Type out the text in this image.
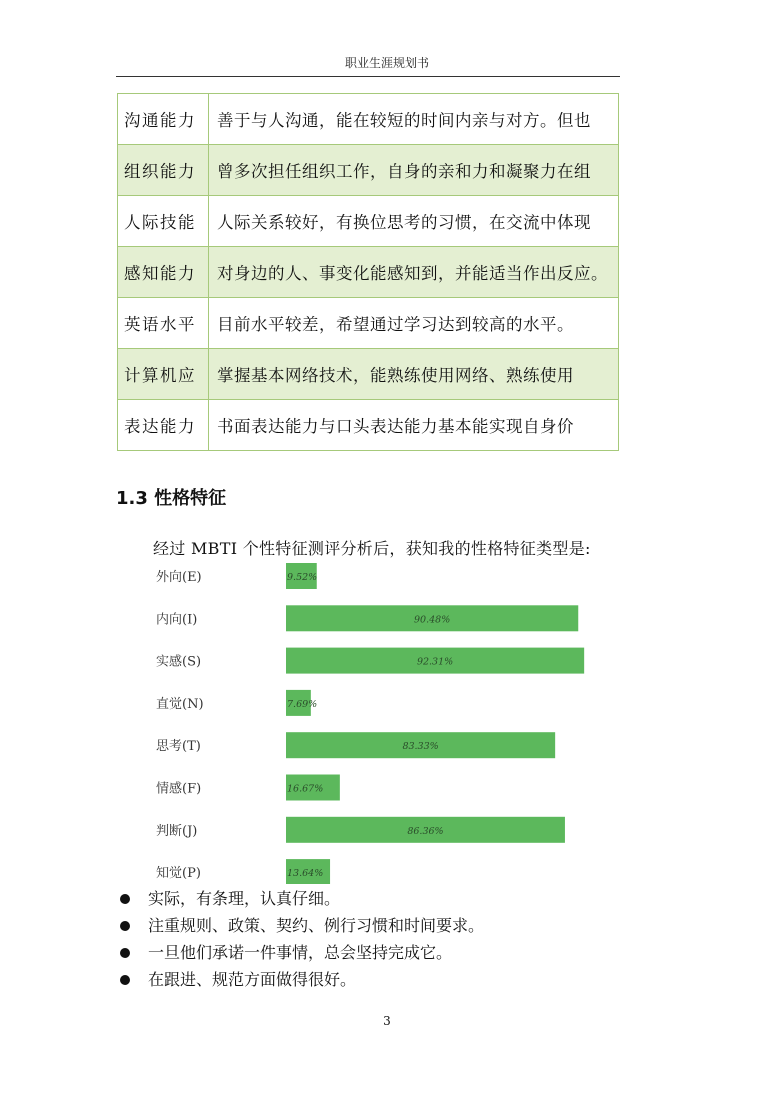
职业生涯规划书
沟通能力	善于与人沟通，能在较短的时间内亲与对方。但也
组织能力	曾多次担任组织工作，自身的亲和力和凝聚力在组
人际技能	人际关系较好，有换位思考的习惯，在交流中体现
感知能力	对身边的人、事变化能感知到，并能适当作出反应。
英语水平	目前水平较差，希望通过学习达到较高的水平。
计算机应	掌握基本网络技术，能熟练使用网络、熟练使用
表达能力	书面表达能力与口头表达能力基本能实现自身价
1.3 性格特征
经过 MBTI 个性特征测评分析后，获知我的性格特征类型是:
外向(E)	9.52%
内向(I)	90.48%
实感(S)	92.31%
直觉(N)	7.69%
思考(T)	83.33%
情感(F)	16.67%
判断(J)	86.36%
知觉(P)	13.64%
实际，有条理，认真仔细。
注重规则、政策、契约、例行习惯和时间要求。
一旦他们承诺一件事情，总会坚持完成它。
在跟进、规范方面做得很好。
3
